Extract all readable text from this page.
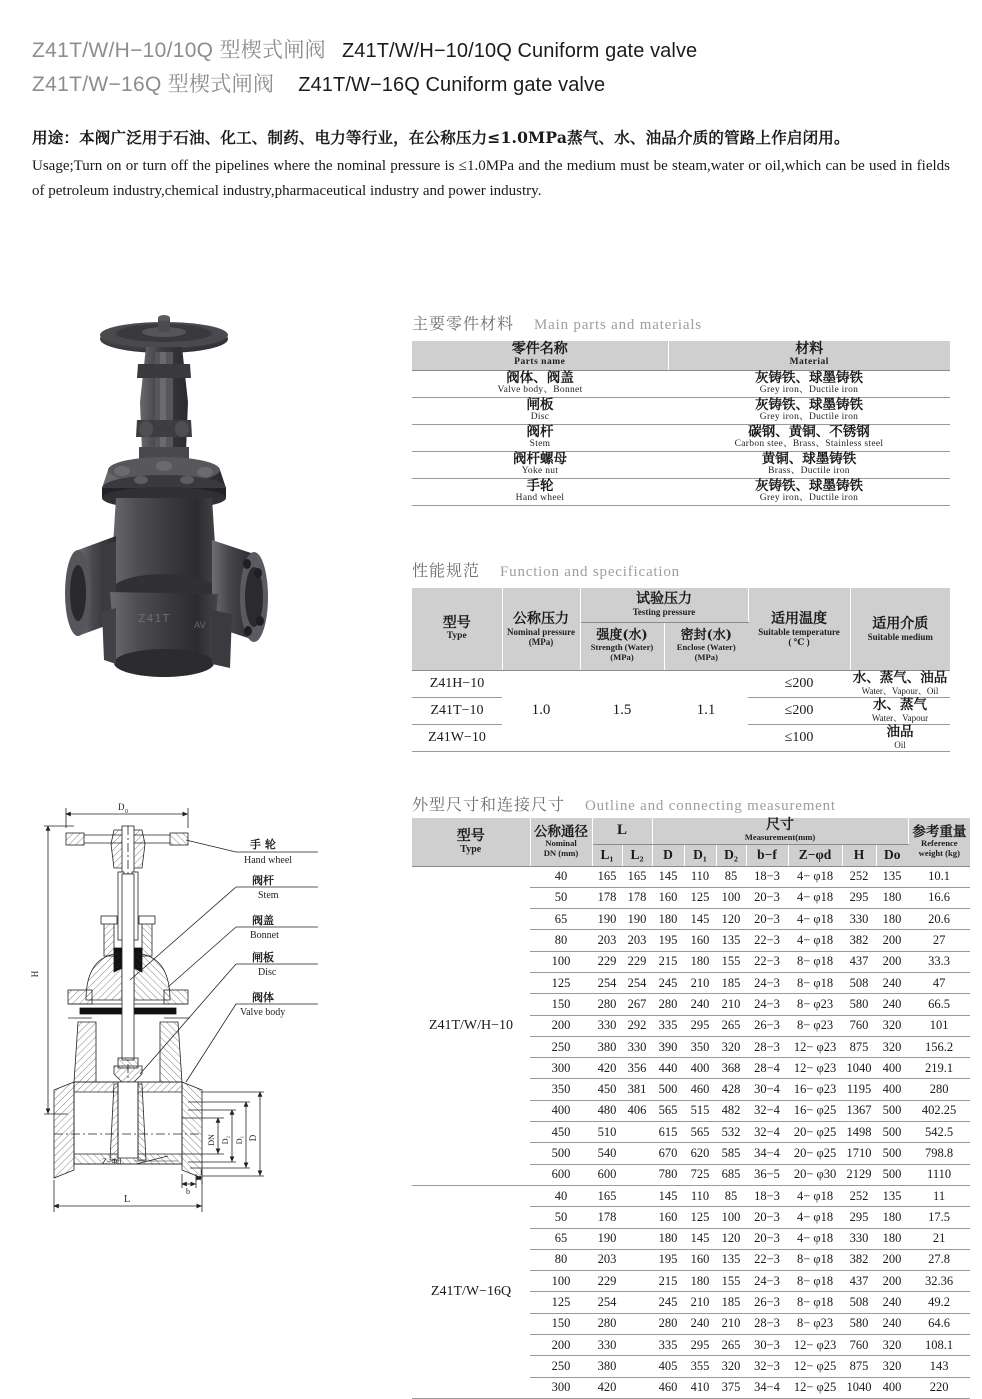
Z41T/W/H−10/10Q 型楔式闸阀 Z41T/W/H−10/10Q Cuniform gate valve
Z41T/W−16Q 型楔式闸阀 Z41T/W−16Q Cuniform gate valve
用途：本阀广泛用于石油、化工、制药、电力等行业，在公称压力≤1.0MPa蒸气、水、油品介质的管路上作启闭用。

Usage;Turn on or turn off the pipelines where the nominal pressure is ≤1.0MPa and the medium must be steam,water or oil,which can be used in fields of petroleum industry,chemical industry,pharmaceutical industry and power industry.

Z41T
AV
D 0
H
DN D₂ D₁ D
Z−Φd
b
f
L
手 轮
Hand wheel
阀杆
Stem
阀盖
Bonnet
闸板
Disc
阀体
Valve body
主要零件材料 Main parts and materials
零件名称
Parts name	材料
Material

阀体、阀盖
Valve body、Bonnet	灰铸铁、球墨铸铁
Grey iron、Ductile iron

闸板
Disc	灰铸铁、球墨铸铁
Grey iron、Ductile iron

阀杆
Stem	碳钢、黄铜、不锈钢
Carbon stee、Brass、Stainless steel

阀杆螺母
Yoke nut	黄铜、球墨铸铁
Brass、Ductile iron

手轮
Hand wheel	灰铸铁、球墨铸铁
Grey iron、Ductile iron
性能规范 Function and specification
型号
Type	公称压力
Nominal pressure
(MPa)	试验压力
Testing pressure		适用温度
Suitable temperature
( ℃ )	适用介质
Suitable medium

		强度(水)
Strength (Water)
(MPa)	密封(水)
Enclose (Water)
(MPa)		

Z41H−10	1.0	1.5	1.1	≤200	水、蒸气、油品
Water、Vapour、Oil

Z41T−10				≤200	水、蒸气
Water、Vapour

Z41W−10				≤100	油品
Oil
外型尺寸和连接尺寸 Outline and connecting measurement
型号
Type	公称通径
Nominal
DN (mm)	L		尺寸
Measurement(mm)							参考重量
Reference
weight (kg)

		L₁	L₂	D	D₁	D₂	b−f	Z−φd	H	Do	
Z41T/W/H−10	40	165	165	145	110	85	18−3	4− φ18	252	135	10.1
	50	178	178	160	125	100	20−3	4− φ18	295	180	16.6
	65	190	190	180	145	120	20−3	4− φ18	330	180	20.6
	80	203	203	195	160	135	22−3	4− φ18	382	200	27
	100	229	229	215	180	155	22−3	8− φ18	437	200	33.3
	125	254	254	245	210	185	24−3	8− φ18	508	240	47
	150	280	267	280	240	210	24−3	8− φ23	580	240	66.5
	200	330	292	335	295	265	26−3	8− φ23	760	320	101
	250	380	330	390	350	320	28−3	12− φ23	875	320	156.2
	300	420	356	440	400	368	28−4	12− φ23	1040	400	219.1
	350	450	381	500	460	428	30−4	16− φ23	1195	400	280
	400	480	406	565	515	482	32−4	16− φ25	1367	500	402.25
	450	510		615	565	532	32−4	20− φ25	1498	500	542.5
	500	540		670	620	585	34−4	20− φ25	1710	500	798.8
	600	600		780	725	685	36−5	20− φ30	2129	500	1110
Z41T/W−16Q	40	165		145	110	85	18−3	4− φ18	252	135	11
	50	178		160	125	100	20−3	4− φ18	295	180	17.5
	65	190		180	145	120	20−3	4− φ18	330	180	21
	80	203		195	160	135	22−3	8− φ18	382	200	27.8
	100	229		215	180	155	24−3	8− φ18	437	200	32.36
	125	254		245	210	185	26−3	8− φ18	508	240	49.2
	150	280		280	240	210	28−3	8− φ23	580	240	64.6
	200	330		335	295	265	30−3	12− φ23	760	320	108.1
	250	380		405	355	320	32−3	12− φ25	875	320	143
	300	420		460	410	375	34−4	12− φ25	1040	400	220
